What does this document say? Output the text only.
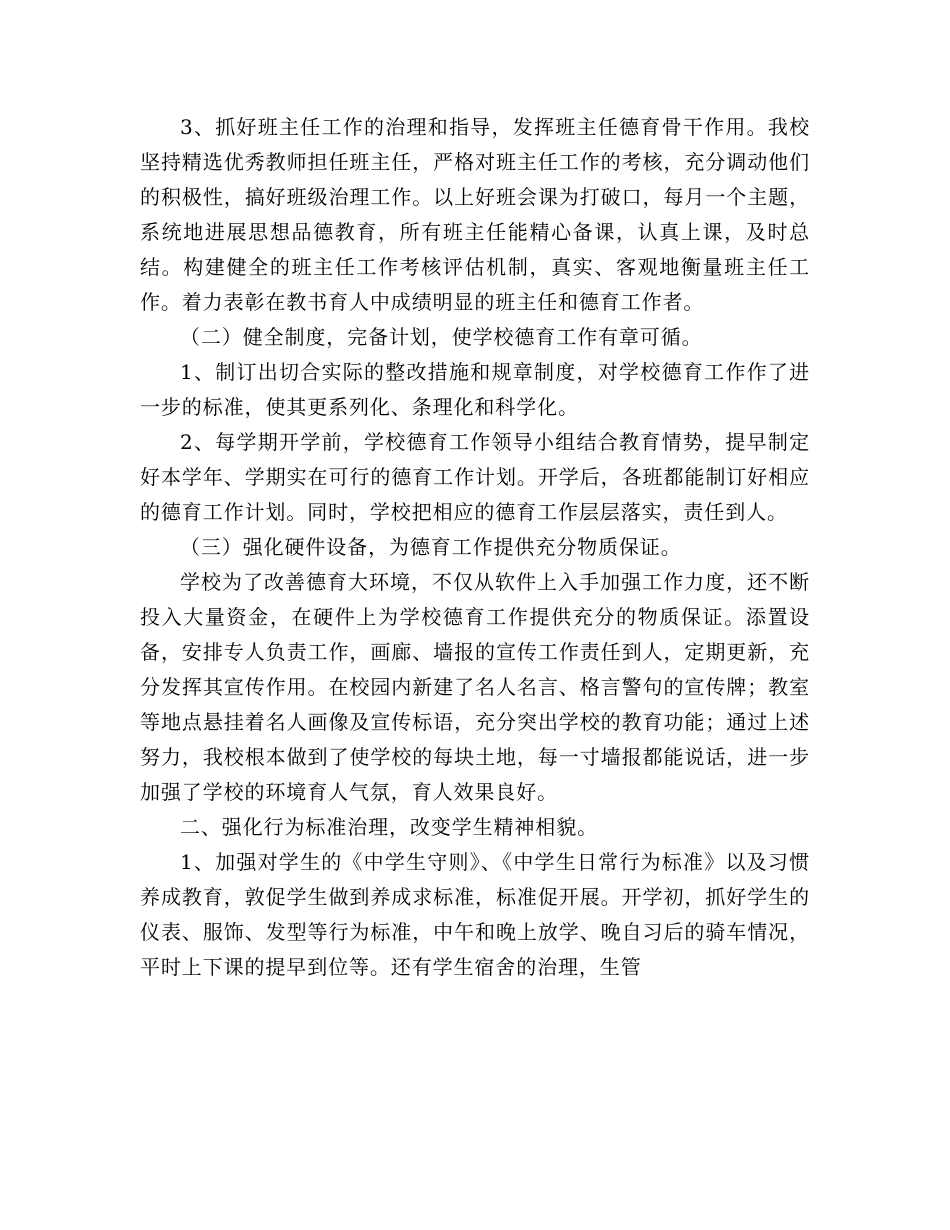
3、抓好班主任工作的治理和指导，发挥班主任德育骨干作用。我校坚持精选优秀教师担任班主任，严格对班主任工作的考核，充分调动他们的积极性，搞好班级治理工作。以上好班会课为打破口，每月一个主题，系统地进展思想品德教育，所有班主任能精心备课，认真上课，及时总结。构建健全的班主任工作考核评估机制，真实、客观地衡量班主任工作。着力表彰在教书育人中成绩明显的班主任和德育工作者。

（二）健全制度，完备计划，使学校德育工作有章可循。

1、制订出切合实际的整改措施和规章制度，对学校德育工作作了进一步的标准，使其更系列化、条理化和科学化。

2、每学期开学前，学校德育工作领导小组结合教育情势，提早制定好本学年、学期实在可行的德育工作计划。开学后，各班都能制订好相应的德育工作计划。同时，学校把相应的德育工作层层落实，责任到人。

（三）强化硬件设备，为德育工作提供充分物质保证。

学校为了改善德育大环境，不仅从软件上入手加强工作力度，还不断投入大量资金，在硬件上为学校德育工作提供充分的物质保证。添置设备，安排专人负责工作，画廊、墙报的宣传工作责任到人，定期更新，充分发挥其宣传作用。在校园内新建了名人名言、格言警句的宣传牌；教室等地点悬挂着名人画像及宣传标语，充分突出学校的教育功能；通过上述努力，我校根本做到了使学校的每块土地，每一寸墙报都能说话，进一步加强了学校的环境育人气氛，育人效果良好。

二、强化行为标准治理，改变学生精神相貌。

1、加强对学生的《中学生守则》、《中学生日常行为标准》以及习惯养成教育，敦促学生做到养成求标准，标准促开展。开学初，抓好学生的仪表、服饰、发型等行为标准，中午和晚上放学、晚自习后的骑车情况，平时上下课的提早到位等。还有学生宿舍的治理，生管
